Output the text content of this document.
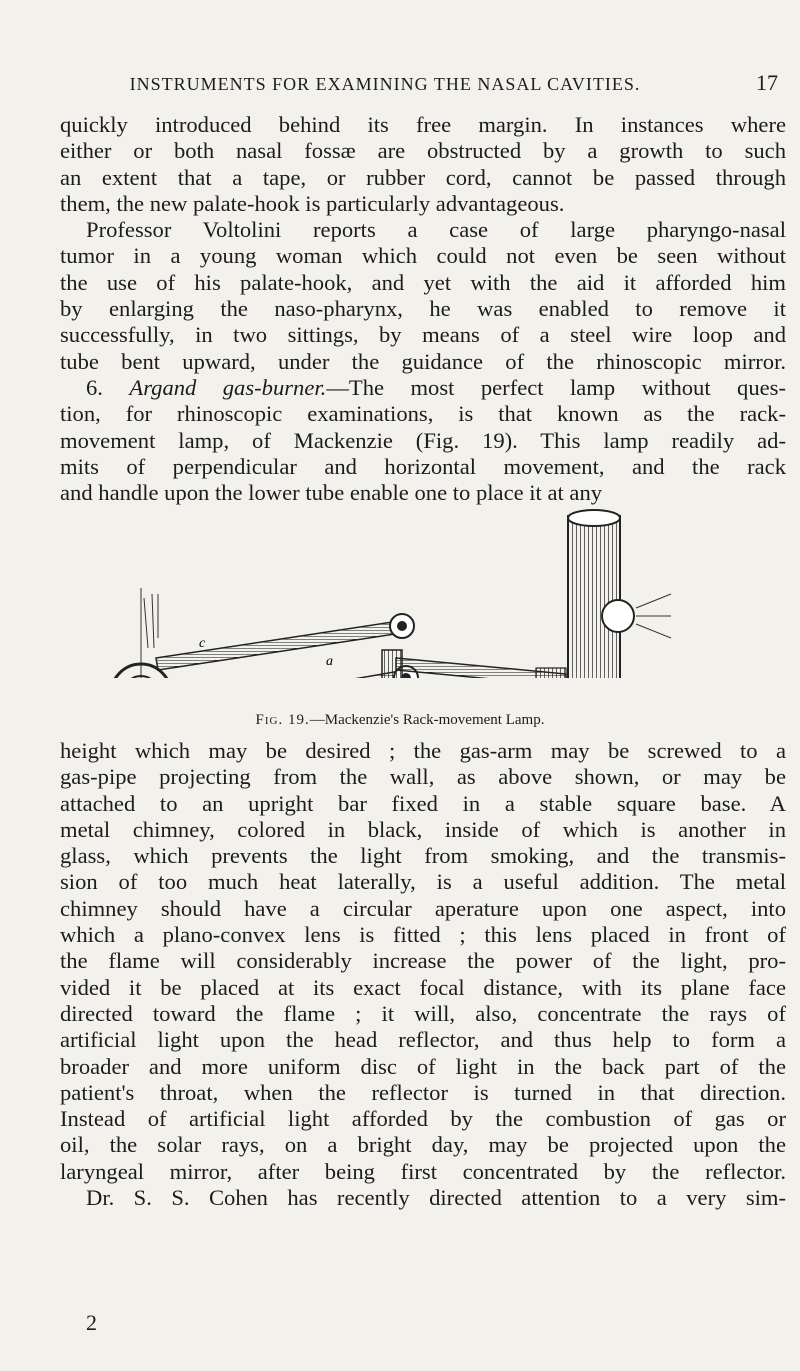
INSTRUMENTS FOR EXAMINING THE NASAL CAVITIES.	17
quickly introduced behind its free margin. In instances where
either or both nasal fossæ are obstructed by a growth to such
an extent that a tape, or rubber cord, cannot be passed through
them, the new palate-hook is particularly advantageous.
Professor Voltolini reports a case of large pharyngo-nasal
tumor in a young woman which could not even be seen without
the use of his palate-hook, and yet with the aid it afforded him
by enlarging the naso-pharynx, he was enabled to remove it
successfully, in two sittings, by means of a steel wire loop and
tube bent upward, under the guidance of the rhinoscopic mirror.
6. Argand gas-burner.—The most perfect lamp without ques-
tion, for rhinoscopic examinations, is that known as the rack-
movement lamp, of Mackenzie (Fig. 19). This lamp readily ad-
mits of perpendicular and horizontal movement, and the rack
and handle upon the lower tube enable one to place it at any
c
a
Fig. 19.—Mackenzie's Rack-movement Lamp.
height which may be desired ; the gas-arm may be screwed to a
gas-pipe projecting from the wall, as above shown, or may be
attached to an upright bar fixed in a stable square base. A
metal chimney, colored in black, inside of which is another in
glass, which prevents the light from smoking, and the transmis-
sion of too much heat laterally, is a useful addition. The metal
chimney should have a circular aperature upon one aspect, into
which a plano-convex lens is fitted ; this lens placed in front of
the flame will considerably increase the power of the light, pro-
vided it be placed at its exact focal distance, with its plane face
directed toward the flame ; it will, also, concentrate the rays of
artificial light upon the head reflector, and thus help to form a
broader and more uniform disc of light in the back part of the
patient's throat, when the reflector is turned in that direction.
Instead of artificial light afforded by the combustion of gas or
oil, the solar rays, on a bright day, may be projected upon the
laryngeal mirror, after being first concentrated by the reflector.
Dr. S. S. Cohen has recently directed attention to a very sim-
2
